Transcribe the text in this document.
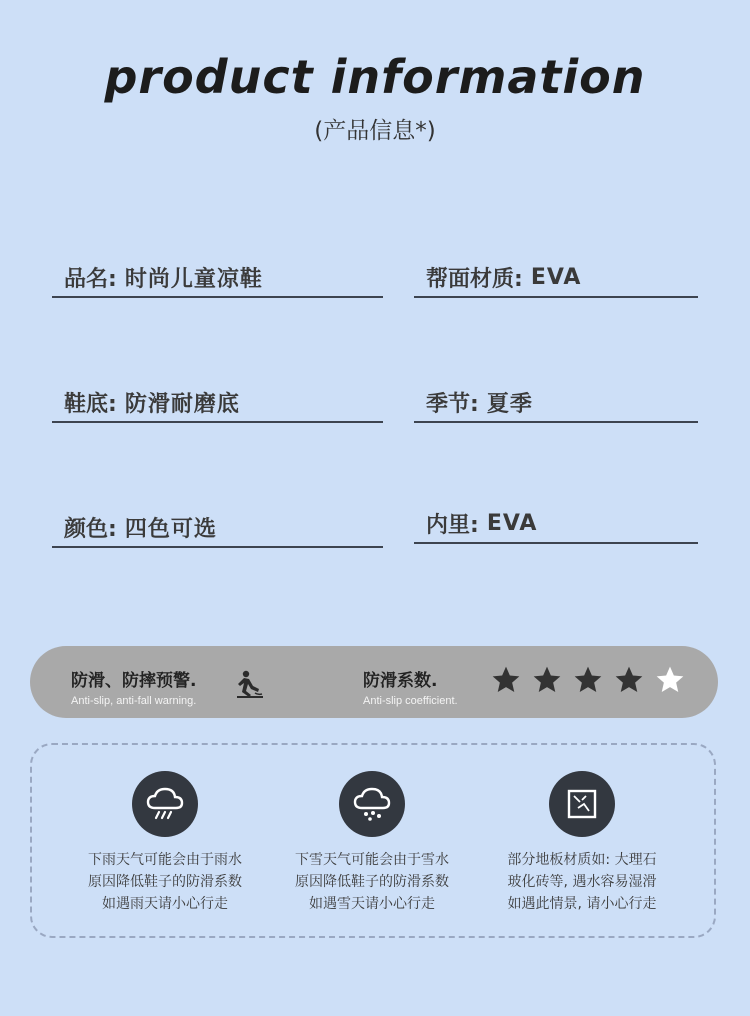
product information
(产品信息*)
品名: 时尚儿童凉鞋	帮面材质: EVA
鞋底: 防滑耐磨底	季节: 夏季
颜色: 四色可选	内里: EVA
防滑、防摔预警.
Anti-slip, anti-fall warning.
防滑系数.
Anti-slip coefficient.
下雨天气可能会由于雨水
原因降低鞋子的防滑系数
如遇雨天请小心行走
下雪天气可能会由于雪水
原因降低鞋子的防滑系数
如遇雪天请小心行走
部分地板材质如: 大理石
玻化砖等, 遇水容易湿滑
如遇此情景, 请小心行走
